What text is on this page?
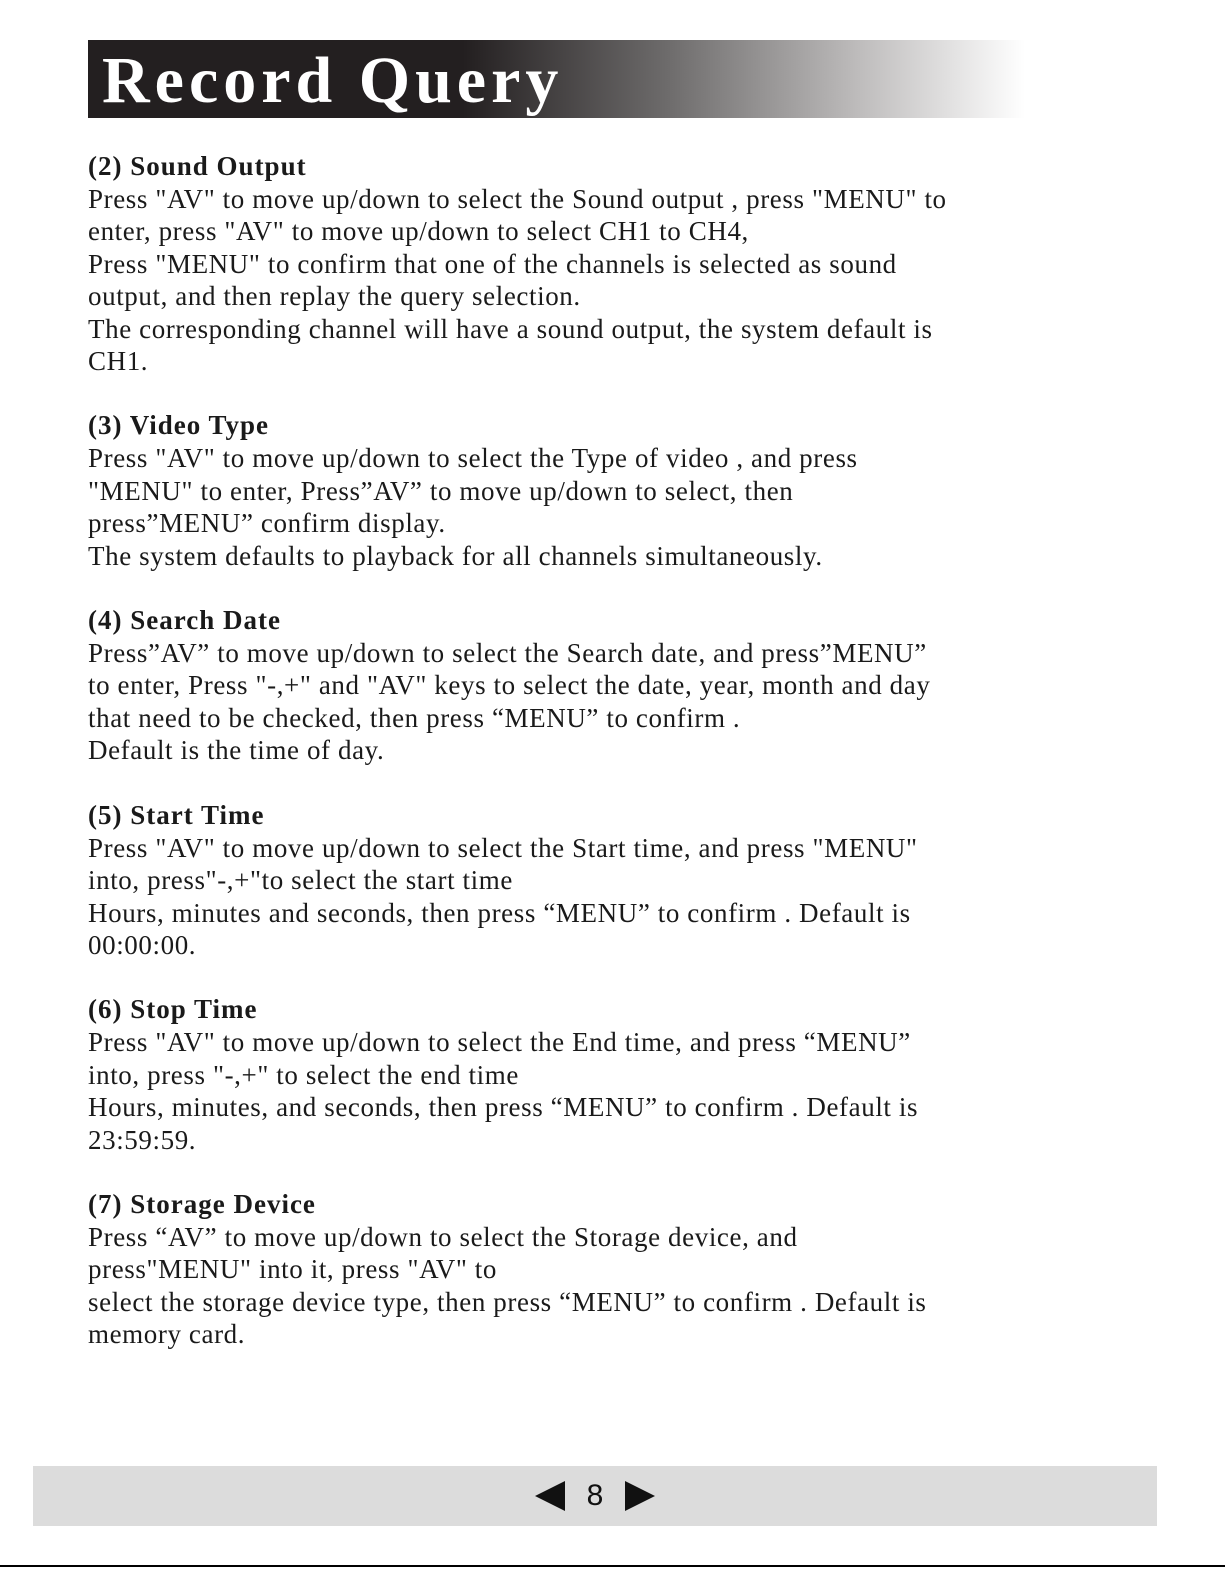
Record Query

(2) Sound Output

Press "AV" to move up/down to select the Sound output , press "MENU" to

enter, press "AV" to move up/down to select CH1 to CH4,

Press "MENU" to confirm that one of the channels is selected as sound

output, and then replay the query selection.

The corresponding channel will have a sound output, the system default is

CH1.

(3) Video Type

Press "AV" to move up/down to select the Type of video , and press

"MENU" to enter, Press”AV” to move up/down to select, then

press”MENU” confirm display.

The system defaults to playback for all channels simultaneously.

(4) Search Date

Press”AV” to move up/down to select the Search date, and press”MENU”

to enter, Press "-,+" and "AV" keys to select the date, year, month and day

that need to be checked, then press “MENU” to confirm .

Default is the time of day.

(5) Start Time

Press "AV" to move up/down to select the Start time, and press "MENU"

into, press"-,+"to select the start time

Hours, minutes and seconds, then press “MENU” to confirm . Default is

00:00:00.

(6) Stop Time

Press "AV" to move up/down to select the End time, and press “MENU”

into, press "-,+" to select the end time

Hours, minutes, and seconds, then press “MENU” to confirm . Default is

23:59:59.

(7) Storage Device

Press “AV” to move up/down to select the Storage device, and

press"MENU" into it, press "AV" to

select the storage device type, then press “MENU” to confirm . Default is

memory card.

8
